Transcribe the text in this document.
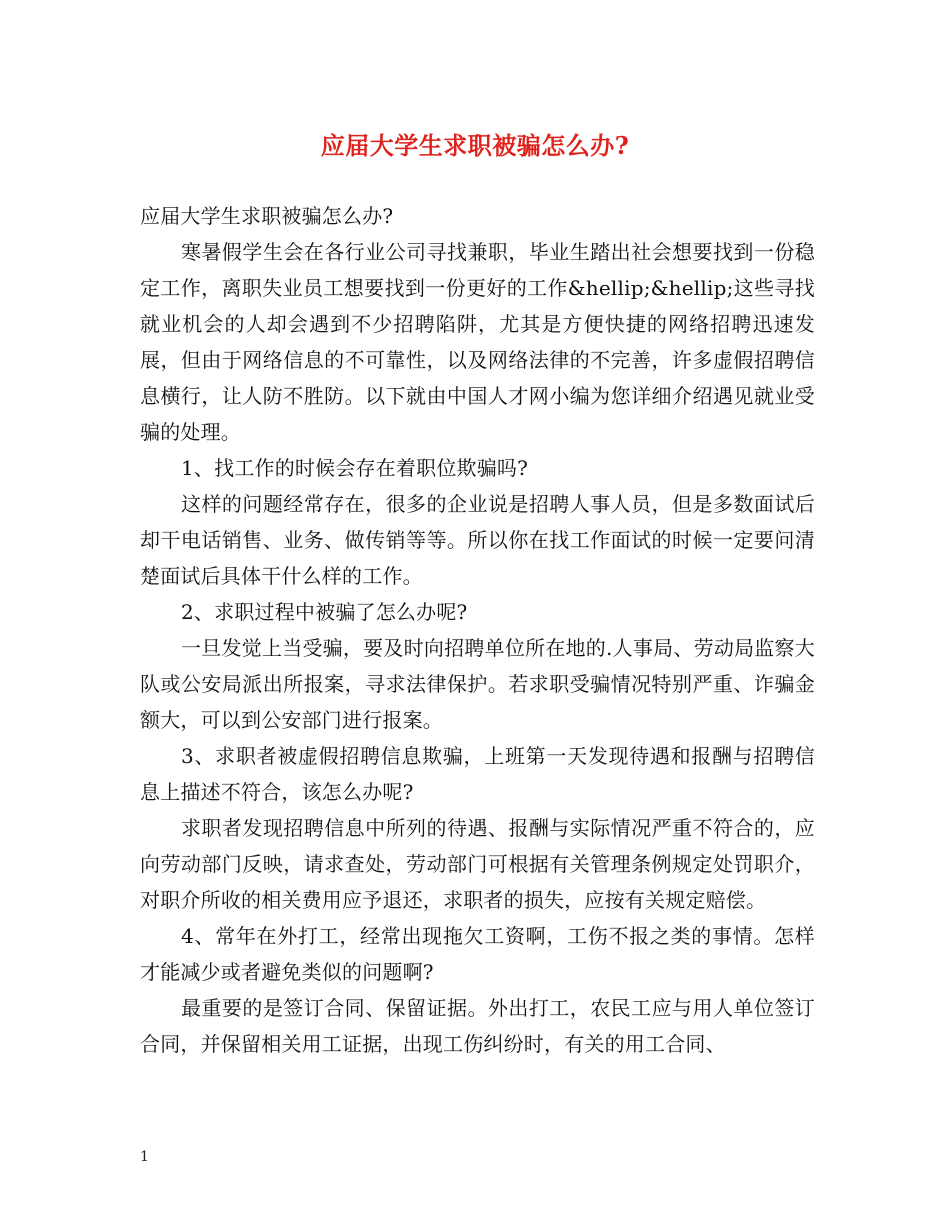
应届大学生求职被骗怎么办?

应届大学生求职被骗怎么办?

寒暑假学生会在各行业公司寻找兼职，毕业生踏出社会想要找到一份稳定工作，离职失业员工想要找到一份更好的工作&hellip;&hellip;这些寻找就业机会的人却会遇到不少招聘陷阱，尤其是方便快捷的网络招聘迅速发展，但由于网络信息的不可靠性，以及网络法律的不完善，许多虚假招聘信息横行，让人防不胜防。以下就由中国人才网小编为您详细介绍遇见就业受骗的处理。

1、找工作的时候会存在着职位欺骗吗?

这样的问题经常存在，很多的企业说是招聘人事人员，但是多数面试后却干电话销售、业务、做传销等等。所以你在找工作面试的时候一定要问清楚面试后具体干什么样的工作。

2、求职过程中被骗了怎么办呢?

一旦发觉上当受骗，要及时向招聘单位所在地的.人事局、劳动局监察大队或公安局派出所报案，寻求法律保护。若求职受骗情况特别严重、诈骗金额大，可以到公安部门进行报案。

3、求职者被虚假招聘信息欺骗，上班第一天发现待遇和报酬与招聘信息上描述不符合，该怎么办呢?

求职者发现招聘信息中所列的待遇、报酬与实际情况严重不符合的，应向劳动部门反映，请求查处，劳动部门可根据有关管理条例规定处罚职介，对职介所收的相关费用应予退还，求职者的损失，应按有关规定赔偿。

4、常年在外打工，经常出现拖欠工资啊，工伤不报之类的事情。怎样才能减少或者避免类似的问题啊?

最重要的是签订合同、保留证据。外出打工，农民工应与用人单位签订合同，并保留相关用工证据，出现工伤纠纷时，有关的用工合同、

1
